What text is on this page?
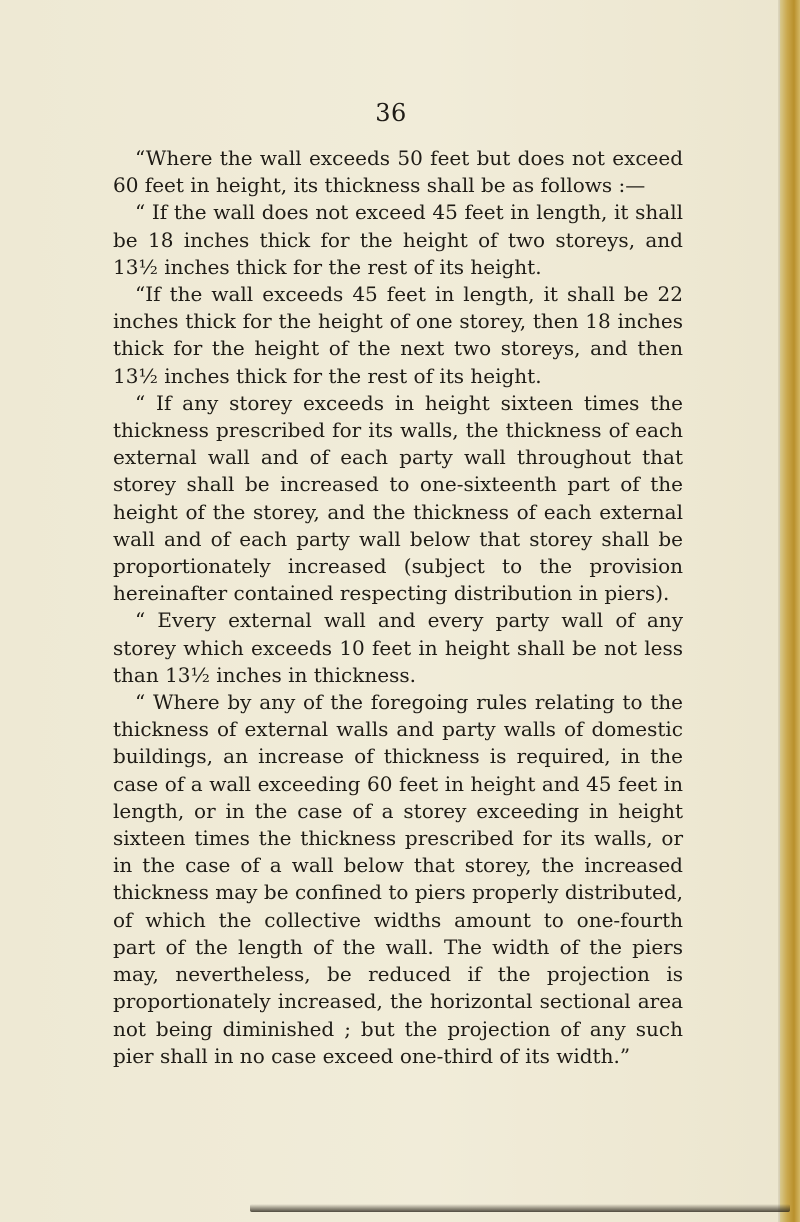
36

“Where the wall exceeds 50 feet but does not exceed 60 feet in height, its thickness shall be as follows :—

“ If the wall does not exceed 45 feet in length, it shall be 18 inches thick for the height of two storeys, and 13½ inches thick for the rest of its height.

“If the wall exceeds 45 feet in length, it shall be 22 inches thick for the height of one storey, then 18 inches thick for the height of the next two storeys, and then 13½ inches thick for the rest of its height.

“ If any storey exceeds in height sixteen times the thickness prescribed for its walls, the thickness of each external wall and of each party wall throughout that storey shall be increased to one-sixteenth part of the height of the storey, and the thickness of each external wall and of each party wall below that storey shall be proportionately increased (subject to the provision hereinafter contained respecting distribution in piers).

“ Every external wall and every party wall of any storey which exceeds 10 feet in height shall be not less than 13½ inches in thickness.

“ Where by any of the foregoing rules relating to the thickness of external walls and party walls of domestic buildings, an increase of thickness is required, in the case of a wall exceeding 60 feet in height and 45 feet in length, or in the case of a storey exceeding in height sixteen times the thickness prescribed for its walls, or in the case of a wall below that storey, the increased thickness may be confined to piers properly distributed, of which the collective widths amount to one-fourth part of the length of the wall. The width of the piers may, nevertheless, be reduced if the projection is proportionately increased, the horizontal sectional area not being diminished ; but the projection of any such pier shall in no case exceed one-third of its width.”
